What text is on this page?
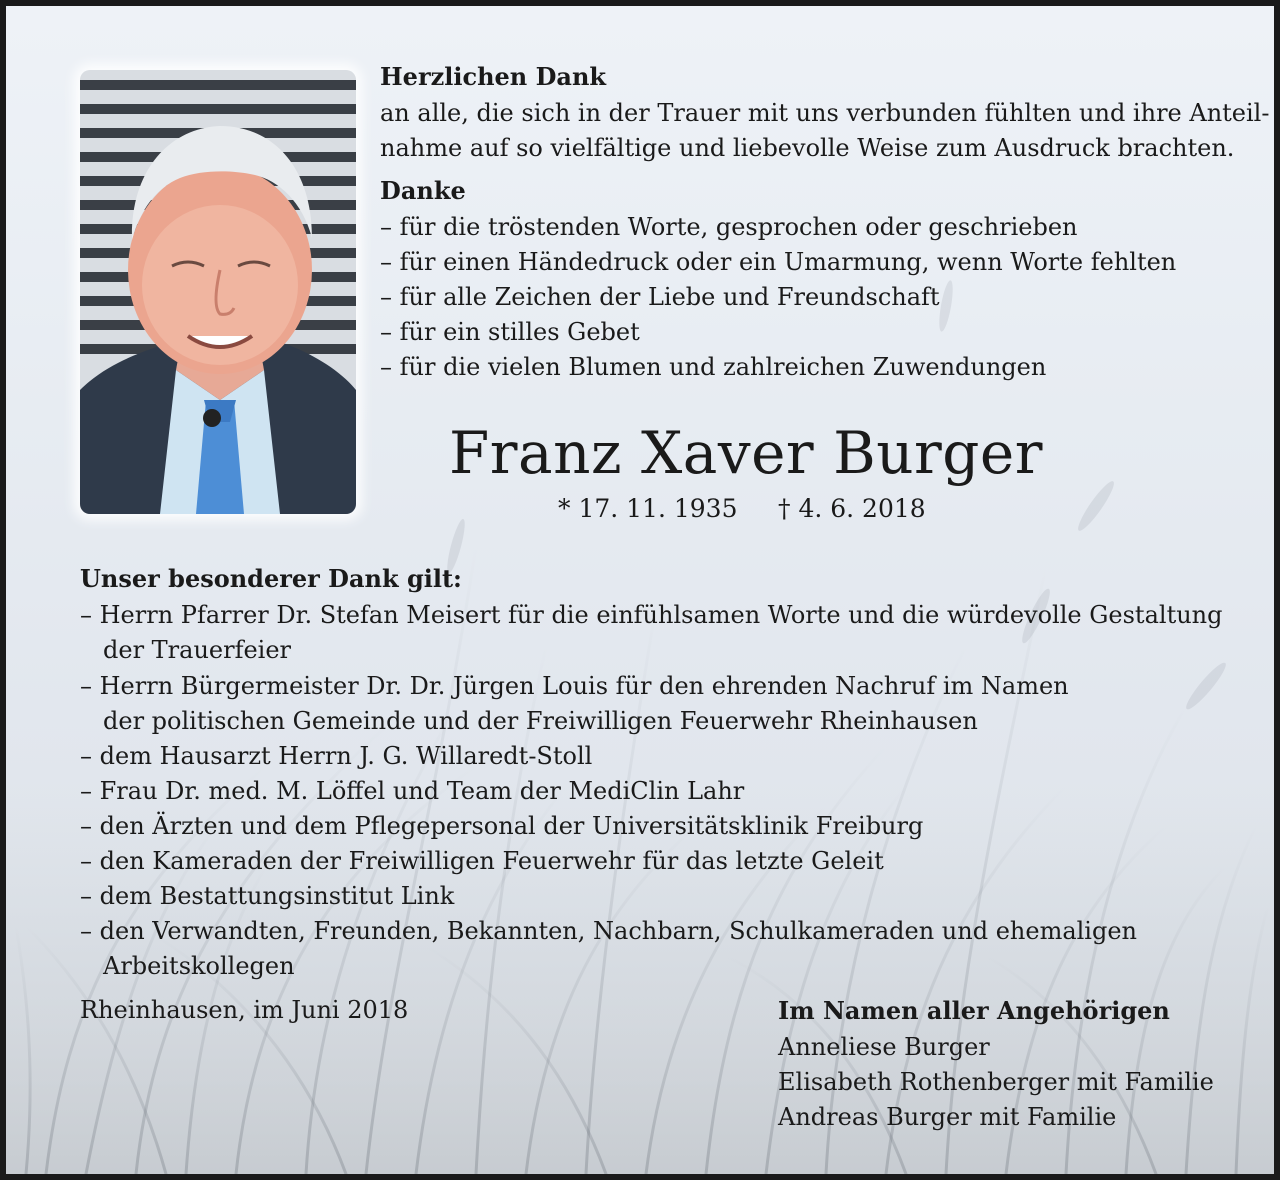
Herzlichen Dank
an alle, die sich in der Trauer mit uns verbunden fühlten und ihre Anteil-
nahme auf so vielfältige und liebevolle Weise zum Ausdruck brachten.
Danke
– für die tröstenden Worte, gesprochen oder geschrieben
– für einen Händedruck oder ein Umarmung, wenn Worte fehlten
– für alle Zeichen der Liebe und Freundschaft
– für ein stilles Gebet
– für die vielen Blumen und zahlreichen Zuwendungen
Franz Xaver Burger
* 17. 11. 1935 † 4. 6. 2018
Unser besonderer Dank gilt:
– Herrn Pfarrer Dr. Stefan Meisert für die einfühlsamen Worte und die würdevolle Gestaltung
der Trauerfeier
– Herrn Bürgermeister Dr. Dr. Jürgen Louis für den ehrenden Nachruf im Namen
der politischen Gemeinde und der Freiwilligen Feuerwehr Rheinhausen
– dem Hausarzt Herrn J. G. Willaredt-Stoll
– Frau Dr. med. M. Löffel und Team der MediClin Lahr
– den Ärzten und dem Pflegepersonal der Universitätsklinik Freiburg
– den Kameraden der Freiwilligen Feuerwehr für das letzte Geleit
– dem Bestattungsinstitut Link
– den Verwandten, Freunden, Bekannten, Nachbarn, Schulkameraden und ehemaligen
Arbeitskollegen
Rheinhausen, im Juni 2018	Im Namen aller Angehörigen
Anneliese Burger
Elisabeth Rothenberger mit Familie
Andreas Burger mit Familie
